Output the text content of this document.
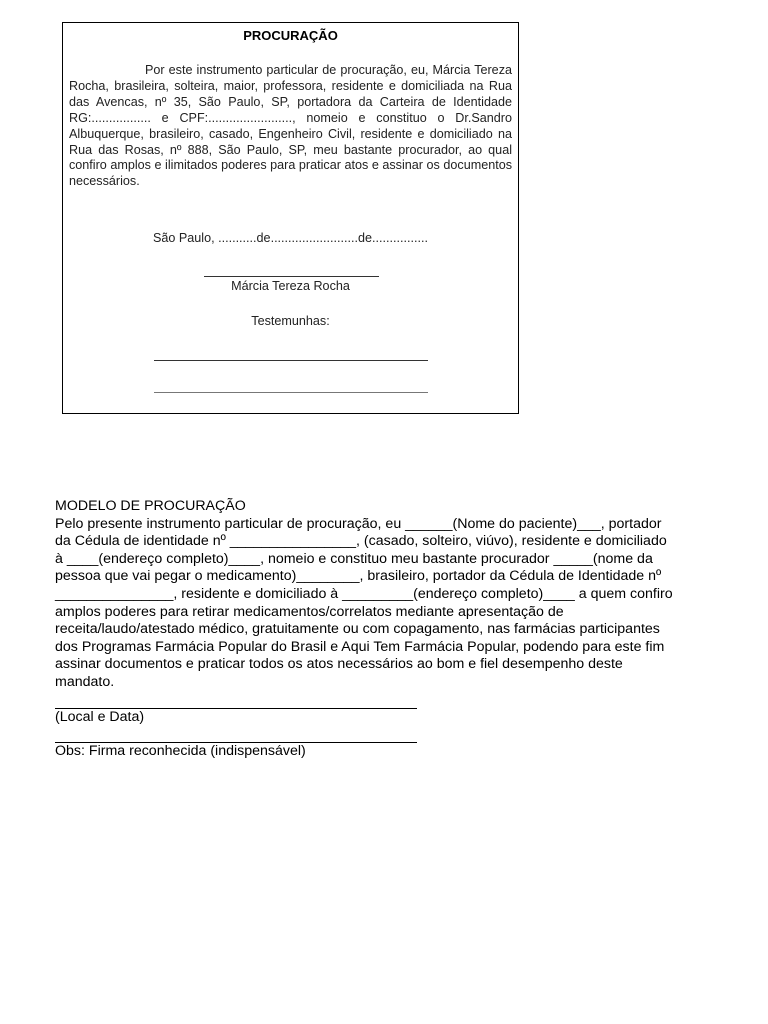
PROCURAÇÃO

Por este instrumento particular de procuração, eu, Márcia Tereza Rocha, brasileira, solteira, maior, professora, residente e domiciliada na Rua das Avencas, nº 35, São Paulo, SP, portadora da Carteira de Identidade RG:................. e CPF:........................, nomeio e constituo o Dr.Sandro Albuquerque, brasileiro, casado, Engenheiro Civil, residente e domiciliado na Rua das Rosas, nº 888, São Paulo, SP, meu bastante procurador, ao qual confiro amplos e ilimitados poderes para praticar atos e assinar os documentos necessários.

São Paulo, ...........de.........................de................
Márcia Tereza Rocha
Testemunhas:

MODELO DE PROCURAÇÃO

Pelo presente instrumento particular de procuração, eu ______(Nome do paciente)___, portador da Cédula de identidade nº ________________, (casado, solteiro, viúvo), residente e domiciliado à ____(endereço completo)____, nomeio e constituo meu bastante procurador _____(nome da pessoa que vai pegar o medicamento)________, brasileiro, portador da Cédula de Identidade nº _______________, residente e domiciliado à _________(endereço completo)____ a quem confiro amplos poderes para retirar medicamentos/correlatos mediante apresentação de receita/laudo/atestado médico, gratuitamente ou com copagamento, nas farmácias participantes dos Programas Farmácia Popular do Brasil e Aqui Tem Farmácia Popular, podendo para este fim assinar documentos e praticar todos os atos necessários ao bom e fiel desempenho deste mandato.

(Local e Data)

Obs: Firma reconhecida (indispensável)
